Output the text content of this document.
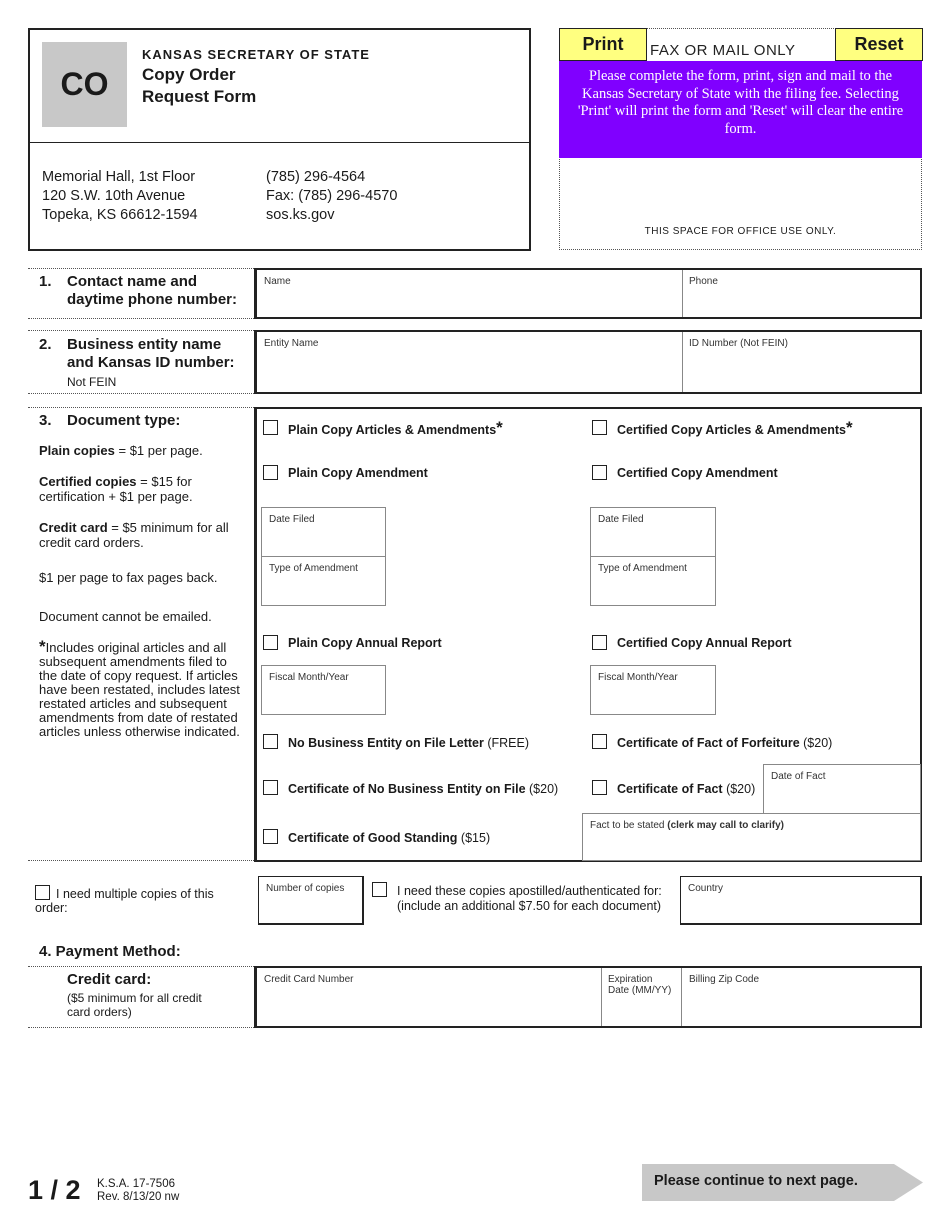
CO
KANSAS SECRETARY OF STATE
Copy Order
Request Form
Memorial Hall, 1st Floor
120 S.W. 10th Avenue
Topeka, KS 66612-1594
(785) 296-4564
Fax: (785) 296-4570
sos.ks.gov
Print	FAX OR MAIL ONLY	Reset
Please complete the form, print, sign and mail to the Kansas Secretary of State with the filing fee. Selecting 'Print' will print the form and 'Reset' will clear the entire form.
THIS SPACE FOR OFFICE USE ONLY.
1. Contact name and daytime phone number:
Name	Phone
2. Business entity name and Kansas ID number:
Not FEIN
Entity Name	ID Number (Not FEIN)
3. Document type:
Plain copies = $1 per page.
Certified copies = $15 for certification + $1 per page.
Credit card = $5 minimum for all credit card orders.
$1 per page to fax pages back.
Document cannot be emailed.
*Includes original articles and all subsequent amendments filed to the date of copy request. If articles have been restated, includes latest restated articles and subsequent amendments from date of restated articles unless otherwise indicated.
Plain Copy Articles & Amendments*	Certified Copy Articles & Amendments*
Plain Copy Amendment	Certified Copy Amendment
Date Filed
Type of Amendment
Date Filed
Type of Amendment
Plain Copy Annual Report	Certified Copy Annual Report
Fiscal Month/Year	Fiscal Month/Year
No Business Entity on File Letter (FREE)	Certificate of Fact of Forfeiture ($20)
Certificate of No Business Entity on File ($20)	Certificate of Fact ($20)
Date of Fact
Certificate of Good Standing ($15)
Fact to be stated (clerk may call to clarify)
I need multiple copies of this order:
Number of copies	I need these copies apostilled/authenticated for:
(include an additional $7.50 for each document)
Country
4. Payment Method:
Credit card:
($5 minimum for all credit card orders)
Credit Card Number	Expiration
Date (MM/YY)
Billing Zip Code
1 / 2 K.S.A. 17-7506
Rev. 8/13/20 nw
Please continue to next page.
